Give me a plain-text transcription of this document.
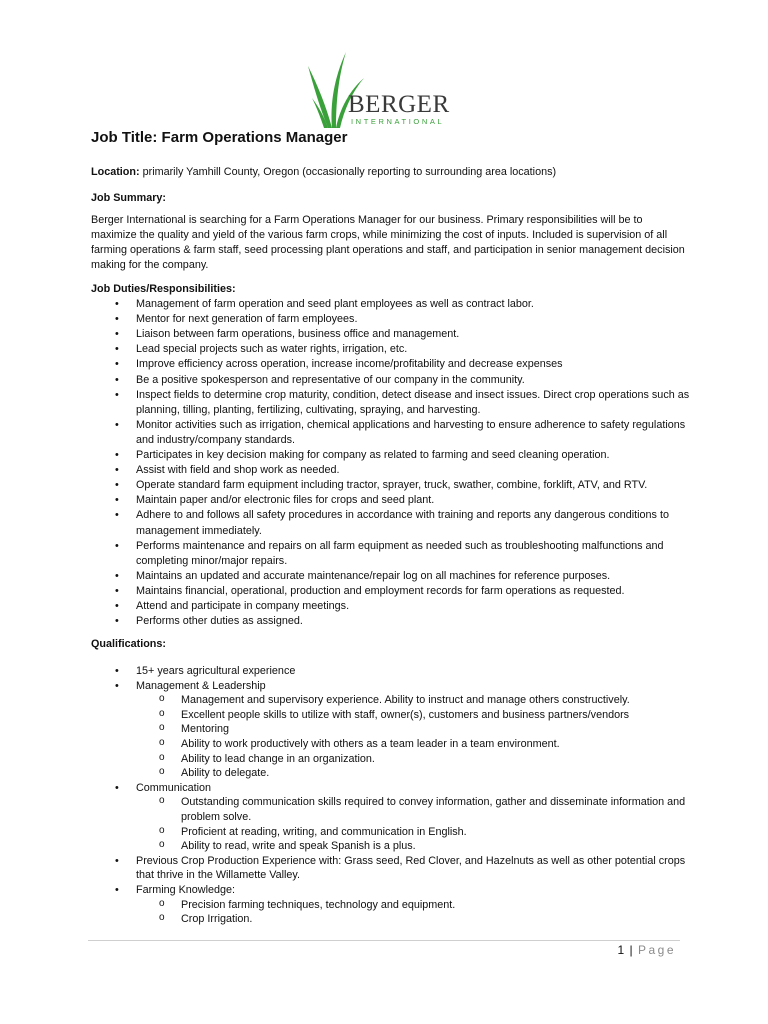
BERGER
INTERNATIONAL
Job Title: Farm Operations Manager

Location: primarily Yamhill County, Oregon (occasionally reporting to surrounding area locations)

Job Summary:

Berger International is searching for a Farm Operations Manager for our business. Primary responsibilities will be to maximize the quality and yield of the various farm crops, while minimizing the cost of inputs. Included is supervision of all farming operations & farm staff, seed processing plant operations and staff, and participation in senior management decision making for the company.

Job Duties/Responsibilities:
• Management of farm operation and seed plant employees as well as contract labor.
• Mentor for next generation of farm employees.
• Liaison between farm operations, business office and management.
• Lead special projects such as water rights, irrigation, etc.
• Improve efficiency across operation, increase income/profitability and decrease expenses
• Be a positive spokesperson and representative of our company in the community.
• Inspect fields to determine crop maturity, condition, detect disease and insect issues. Direct crop operations such as planning, tilling, planting, fertilizing, cultivating, spraying, and harvesting.
• Monitor activities such as irrigation, chemical applications and harvesting to ensure adherence to safety regulations and industry/company standards.
• Participates in key decision making for company as related to farming and seed cleaning operation.
• Assist with field and shop work as needed.
• Operate standard farm equipment including tractor, sprayer, truck, swather, combine, forklift, ATV, and RTV.
• Maintain paper and/or electronic files for crops and seed plant.
• Adhere to and follows all safety procedures in accordance with training and reports any dangerous conditions to management immediately.
• Performs maintenance and repairs on all farm equipment as needed such as troubleshooting malfunctions and completing minor/major repairs.
• Maintains an updated and accurate maintenance/repair log on all machines for reference purposes.
• Maintains financial, operational, production and employment records for farm operations as requested.
• Attend and participate in company meetings.
• Performs other duties as assigned.

Qualifications:

• 15+ years agricultural experience
• Management & Leadership
o Management and supervisory experience. Ability to instruct and manage others constructively.
o Excellent people skills to utilize with staff, owner(s), customers and business partners/vendors
o Mentoring
o Ability to work productively with others as a team leader in a team environment.
o Ability to lead change in an organization.
o Ability to delegate.
• Communication
o Outstanding communication skills required to convey information, gather and disseminate information and problem solve.
o Proficient at reading, writing, and communication in English.
o Ability to read, write and speak Spanish is a plus.
• Previous Crop Production Experience with: Grass seed, Red Clover, and Hazelnuts as well as other potential crops that thrive in the Willamette Valley.
• Farming Knowledge:
o Precision farming techniques, technology and equipment.
o Crop Irrigation.
1 | Page
